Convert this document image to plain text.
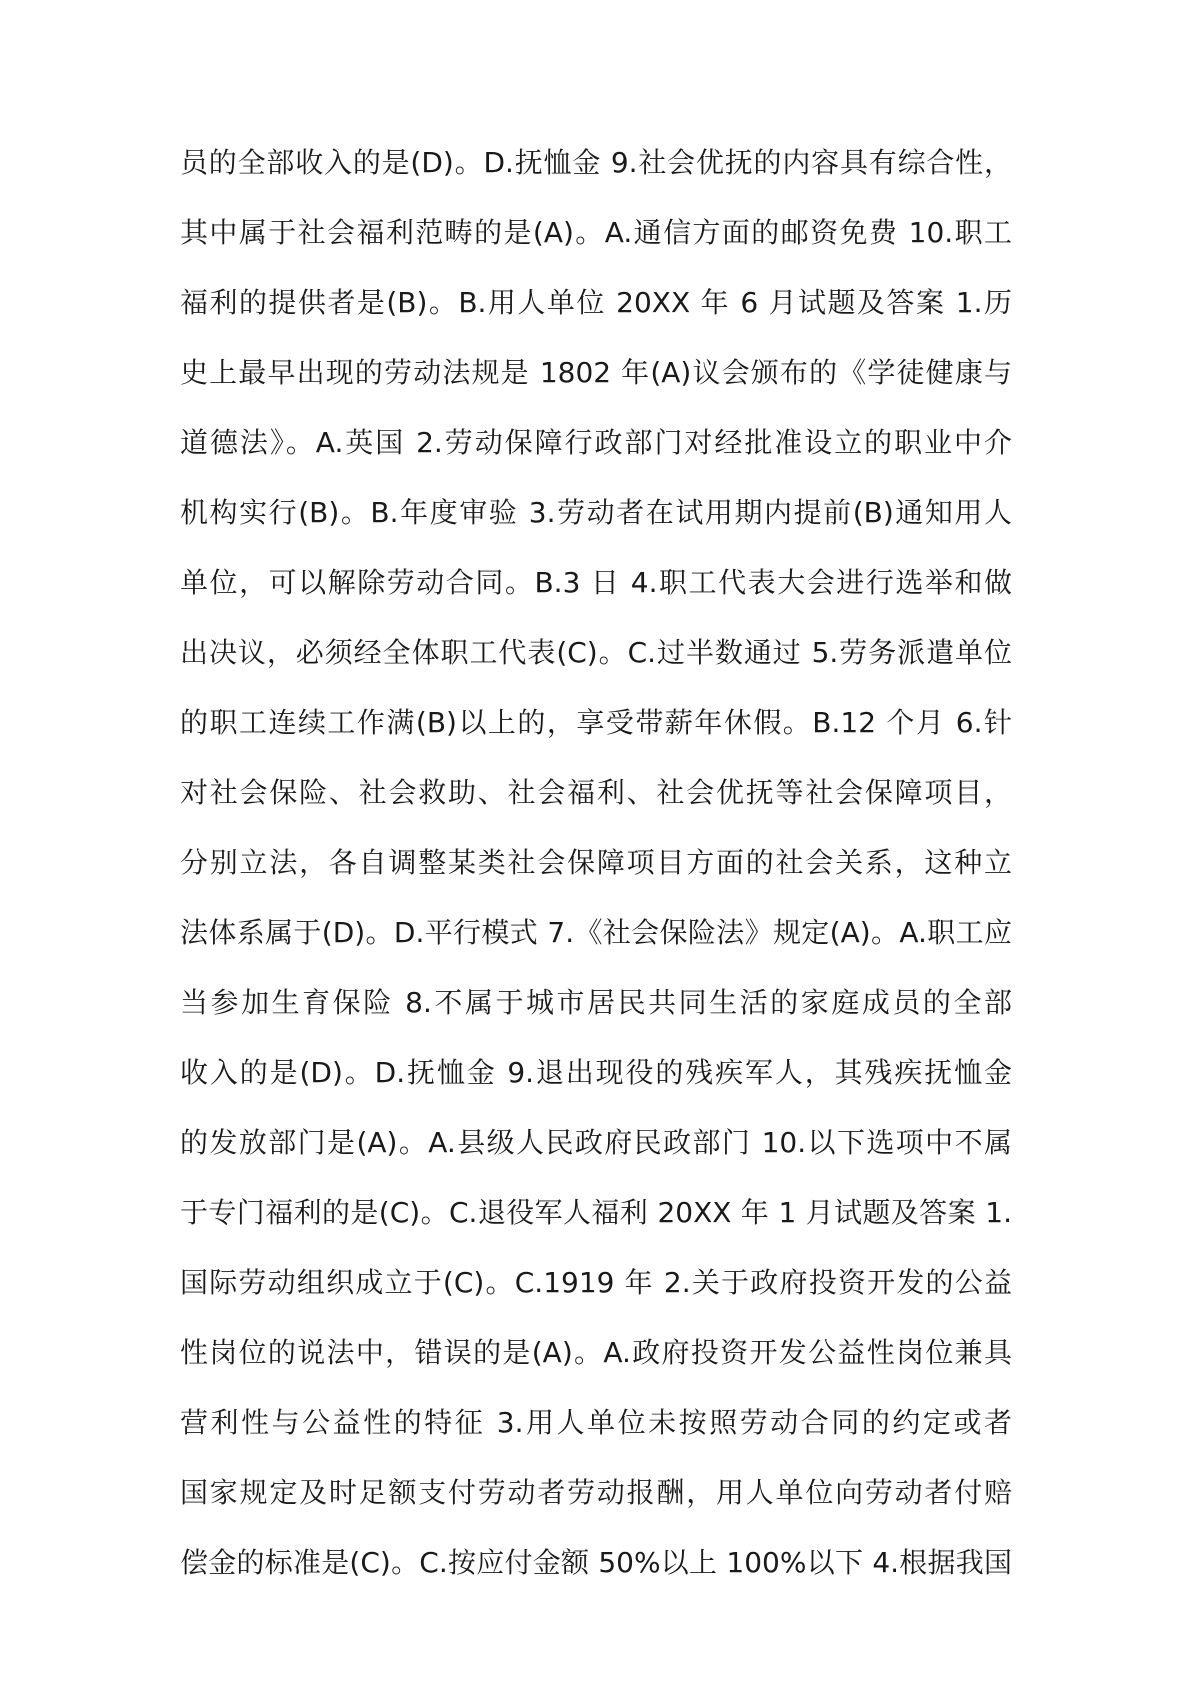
员的全部收入的是(D)。D.抚恤金 9.社会优抚的内容具有综合性，
其中属于社会福利范畴的是(A)。A.通信方面的邮资免费 10.职工
福利的提供者是(B)。B.用人单位 20XX 年 6 月试题及答案 1.历
史上最早出现的劳动法规是 1802 年(A)议会颁布的《学徒健康与
道德法》。A.英国 2.劳动保障行政部门对经批准设立的职业中介
机构实行(B)。B.年度审验 3.劳动者在试用期内提前(B)通知用人
单位，可以解除劳动合同。B.3 日 4.职工代表大会进行选举和做
出决议，必须经全体职工代表(C)。C.过半数通过 5.劳务派遣单位
的职工连续工作满(B)以上的，享受带薪年休假。B.12 个月 6.针
对社会保险、社会救助、社会福利、社会优抚等社会保障项目，
分别立法，各自调整某类社会保障项目方面的社会关系，这种立
法体系属于(D)。D.平行模式 7.《社会保险法》规定(A)。A.职工应
当参加生育保险 8.不属于城市居民共同生活的家庭成员的全部
收入的是(D)。D.抚恤金 9.退出现役的残疾军人，其残疾抚恤金
的发放部门是(A)。A.县级人民政府民政部门 10.以下选项中不属
于专门福利的是(C)。C.退役军人福利 20XX 年 1 月试题及答案 1.
国际劳动组织成立于(C)。C.1919 年 2.关于政府投资开发的公益
性岗位的说法中，错误的是(A)。A.政府投资开发公益性岗位兼具
营利性与公益性的特征 3.用人单位未按照劳动合同的约定或者
国家规定及时足额支付劳动者劳动报酬，用人单位向劳动者付赔
偿金的标准是(C)。C.按应付金额 50%以上 100%以下 4.根据我国
